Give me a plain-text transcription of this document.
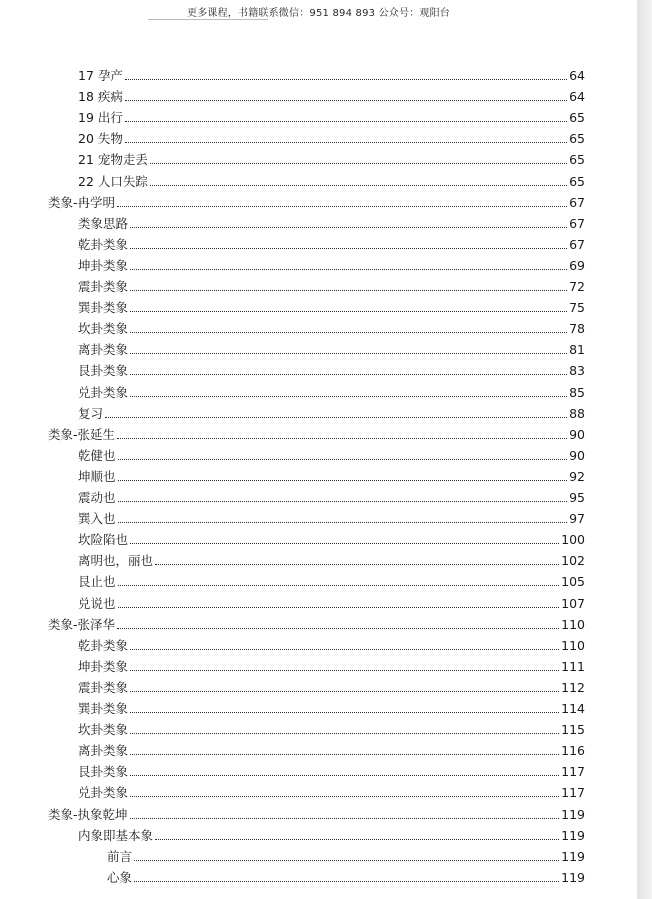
更多课程，书籍联系微信：951 894 893 公众号：观阳台
17 孕产	64
18 疾病	64
19 出行	65
20 失物	65
21 宠物走丢	65
22 人口失踪	65
类象-冉学明	67
类象思路	67
乾卦类象	67
坤卦类象	69
震卦类象	72
巽卦类象	75
坎卦类象	78
离卦类象	81
艮卦类象	83
兑卦类象	85
复习	88
类象-张延生	90
乾健也	90
坤顺也	92
震动也	95
巽入也	97
坎险陷也	100
离明也，丽也	102
艮止也	105
兑说也	107
类象-张泽华	110
乾卦类象	110
坤卦类象	111
震卦类象	112
巽卦类象	114
坎卦类象	115
离卦类象	116
艮卦类象	117
兑卦类象	117
类象-执象乾坤	119
内象即基本象	119
前言	119
心象	119
